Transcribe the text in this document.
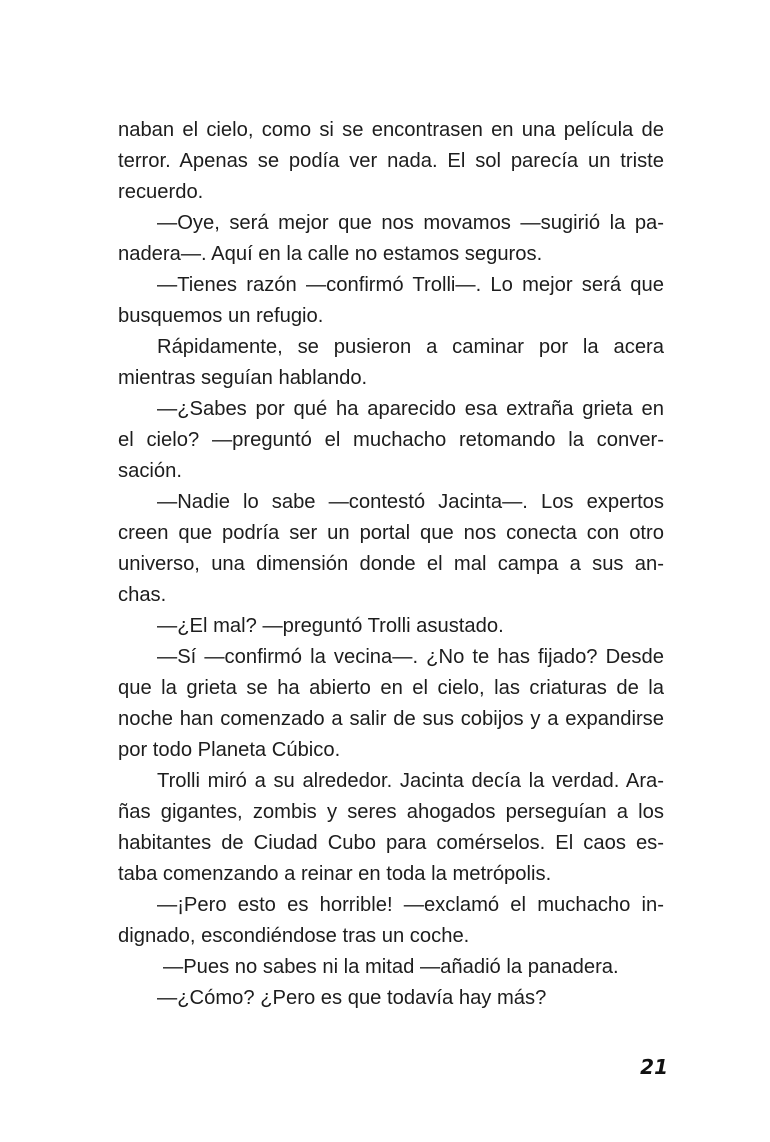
naban el cielo, como si se encontrasen en una película de
terror. Apenas se podía ver nada. El sol parecía un triste
recuerdo.
—Oye, será mejor que nos movamos —sugirió la pa-
nadera—. Aquí en la calle no estamos seguros.
—Tienes razón —confirmó Trolli—. Lo mejor será que
busquemos un refugio.
Rápidamente, se pusieron a caminar por la acera
mientras seguían hablando.
—¿Sabes por qué ha aparecido esa extraña grieta en
el cielo? —preguntó el muchacho retomando la conver-
sación.
—Nadie lo sabe —contestó Jacinta—. Los expertos
creen que podría ser un portal que nos conecta con otro
universo, una dimensión donde el mal campa a sus an-
chas.
—¿El mal? —preguntó Trolli asustado.
—Sí —confirmó la vecina—. ¿No te has fijado? Desde
que la grieta se ha abierto en el cielo, las criaturas de la
noche han comenzado a salir de sus cobijos y a expandirse
por todo Planeta Cúbico.
Trolli miró a su alrededor. Jacinta decía la verdad. Ara-
ñas gigantes, zombis y seres ahogados perseguían a los
habitantes de Ciudad Cubo para comérselos. El caos es-
taba comenzando a reinar en toda la metrópolis.
—¡Pero esto es horrible! —exclamó el muchacho in-
dignado, escondiéndose tras un coche.
—Pues no sabes ni la mitad —añadió la panadera.
—¿Cómo? ¿Pero es que todavía hay más?
21
